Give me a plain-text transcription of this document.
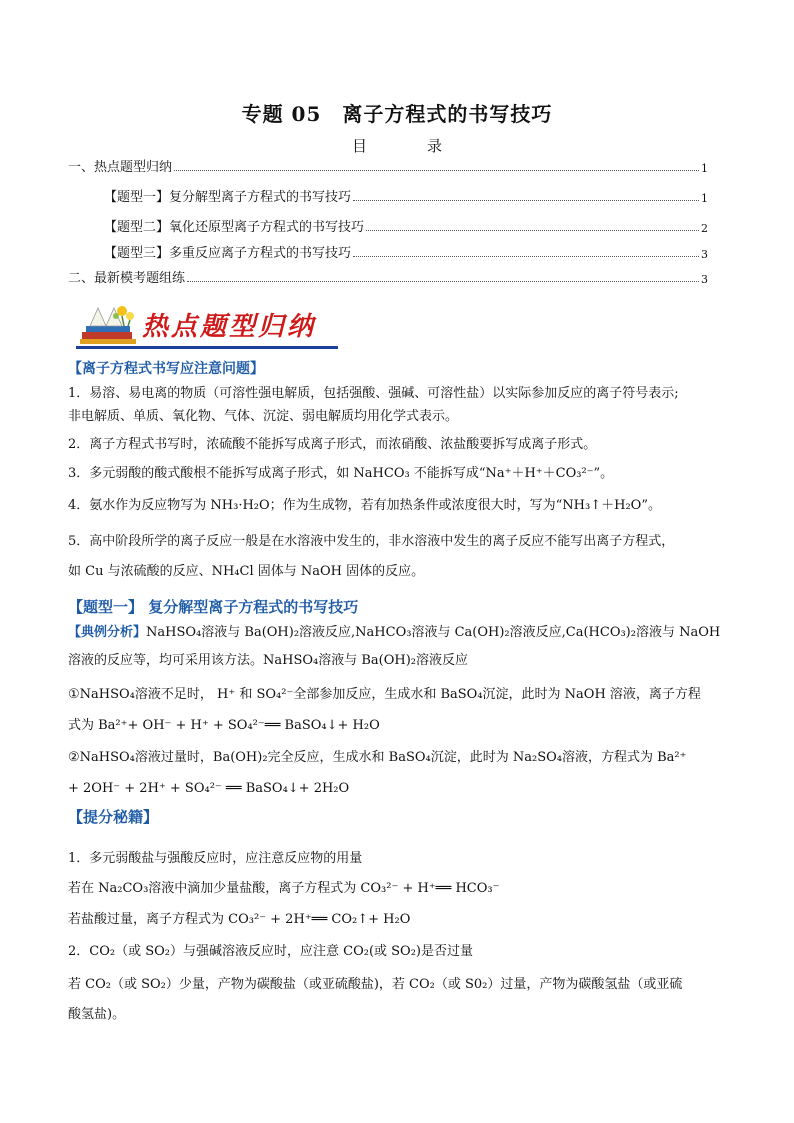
专题 05　离子方程式的书写技巧
目录
一、热点题型归纳	1
【题型一】复分解型离子方程式的书写技巧	1
【题型二】氧化还原型离子方程式的书写技巧	2
【题型三】多重反应离子方程式的书写技巧	3
二、最新模考题组练	3
热点题型归纳
【离子方程式书写应注意问题】
1．易溶、易电离的物质（可溶性强电解质，包括强酸、强碱、可溶性盐）以实际参加反应的离子符号表示;
非电解质、单质、氧化物、气体、沉淀、弱电解质均用化学式表示。
2．离子方程式书写时，浓硫酸不能拆写成离子形式，而浓硝酸、浓盐酸要拆写成离子形式。
3．多元弱酸的酸式酸根不能拆写成离子形式，如 NaHCO₃ 不能拆写成“Na⁺＋H⁺＋CO₃²⁻”。
4．氨水作为反应物写为 NH₃·H₂O；作为生成物，若有加热条件或浓度很大时，写为“NH₃↑＋H₂O”。
5．高中阶段所学的离子反应一般是在水溶液中发生的，非水溶液中发生的离子反应不能写出离子方程式，
如 Cu 与浓硫酸的反应、NH₄Cl 固体与 NaOH 固体的反应。
【题型一】 复分解型离子方程式的书写技巧
【典例分析】NaHSO₄溶液与 Ba(OH)₂溶液反应,NaHCO₃溶液与 Ca(OH)₂溶液反应,Ca(HCO₃)₂溶液与 NaOH
溶液的反应等，均可采用该方法。NaHSO₄溶液与 Ba(OH)₂溶液反应
①NaHSO₄溶液不足时， H⁺ 和 SO₄²⁻全部参加反应，生成水和 BaSO₄沉淀，此时为 NaOH 溶液，离子方程
式为 Ba²⁺+ OH⁻ + H⁺ + SO₄²⁻══ BaSO₄↓+ H₂O
②NaHSO₄溶液过量时，Ba(OH)₂完全反应，生成水和 BaSO₄沉淀，此时为 Na₂SO₄溶液，方程式为 Ba²⁺
+ 2OH⁻ + 2H⁺ + SO₄²⁻ ══ BaSO₄↓+ 2H₂O
【提分秘籍】
1．多元弱酸盐与强酸反应时，应注意反应物的用量
若在 Na₂CO₃溶液中滴加少量盐酸，离子方程式为 CO₃²⁻ + H⁺══ HCO₃⁻
若盐酸过量，离子方程式为 CO₃²⁻ + 2H⁺══ CO₂↑+ H₂O
2．CO₂（或 SO₂）与强碱溶液反应时，应注意 CO₂(或 SO₂)是否过量
若 CO₂（或 SO₂）少量，产物为碳酸盐（或亚硫酸盐)，若 CO₂（或 S0₂）过量，产物为碳酸氢盐（或亚硫
酸氢盐)。
